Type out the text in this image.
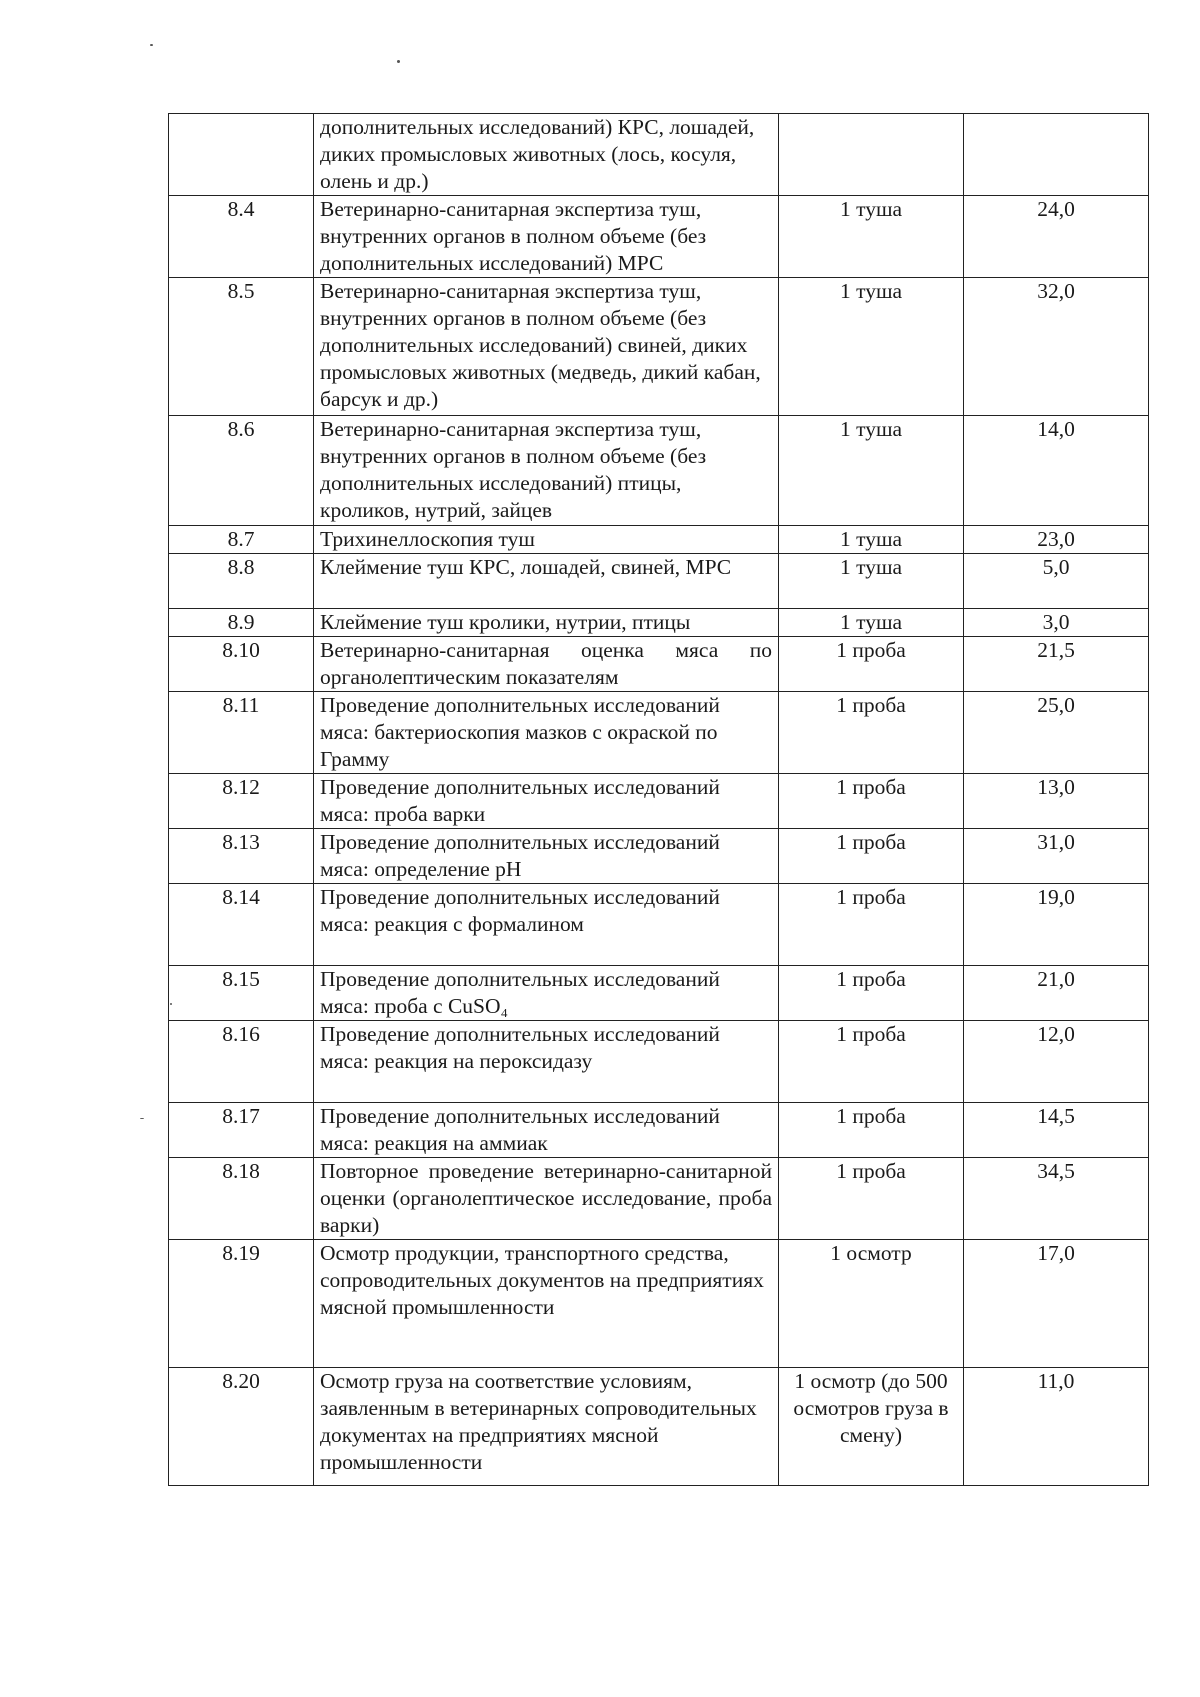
	дополнительных исследований) КРС, лошадей, диких промысловых животных (лось, косуля, олень и др.)		
8.4	Ветеринарно-санитарная экспертиза туш, внутренних органов в полном объеме (без дополнительных исследований) МРС	1 туша	24,0
8.5	Ветеринарно-санитарная экспертиза туш, внутренних органов в полном объеме (без дополнительных исследований) свиней, диких промысловых животных (медведь, дикий кабан, барсук и др.)	1 туша	32,0
8.6	Ветеринарно-санитарная экспертиза туш, внутренних органов в полном объеме (без дополнительных исследований) птицы, кроликов, нутрий, зайцев	1 туша	14,0
8.7	Трихинеллоскопия туш	1 туша	23,0
8.8	Клеймение туш КРС, лошадей, свиней, МРС	1 туша	5,0
8.9	Клеймение туш кролики, нутрии, птицы	1 туша	3,0
8.10	Ветеринарно-санитарная оценка мяса по органолептическим показателям	1 проба	21,5
8.11	Проведение дополнительных исследований мяса: бактериоскопия мазков с окраской по Грамму	1 проба	25,0
8.12	Проведение дополнительных исследований мяса: проба варки	1 проба	13,0
8.13	Проведение дополнительных исследований мяса: определение pH	1 проба	31,0
8.14	Проведение дополнительных исследований мяса: реакция с формалином	1 проба	19,0
8.15	Проведение дополнительных исследований мяса: проба с CuSO₄	1 проба	21,0
8.16	Проведение дополнительных исследований мяса: реакция на пероксидазу	1 проба	12,0
8.17	Проведение дополнительных исследований мяса: реакция на аммиак	1 проба	14,5
8.18	Повторное проведение ветеринарно-санитарной оценки (органолептическое исследование, проба варки)	1 проба	34,5
8.19	Осмотр продукции, транспортного средства, сопроводительных документов на предприятиях мясной промышленности	1 осмотр	17,0
8.20	Осмотр груза на соответствие условиям, заявленным в ветеринарных сопроводительных документах на предприятиях мясной промышленности	1 осмотр (до 500 осмотров груза в смену)	11,0
